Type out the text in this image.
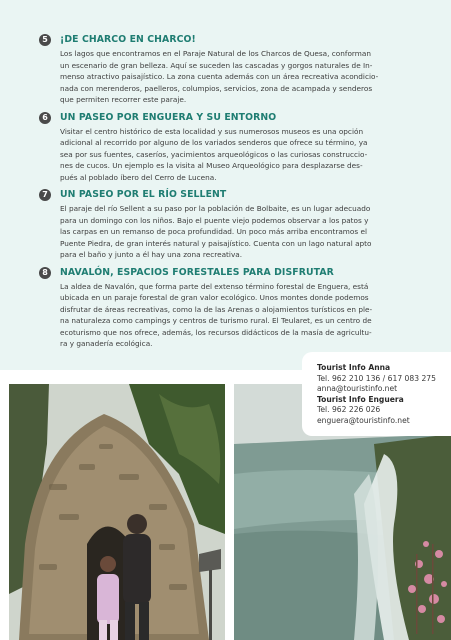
5	¡DE CHARCO EN CHARCO!
Los lagos que encontramos en el Paraje Natural de los Charcos de Quesa, conforman
un escenario de gran belleza. Aquí se suceden las cascadas y gorgos naturales de In-
menso atractivo paisajístico. La zona cuenta además con un área recreativa acondicio-
nada con merenderos, paelleros, columpios, servicios, zona de acampada y senderos
que permiten recorrer este paraje.
6	UN PASEO POR ENGUERA Y SU ENTORNO
Visitar el centro histórico de esta localidad y sus numerosos museos es una opción
adicional al recorrido por alguno de los variados senderos que ofrece su término, ya
sea por sus fuentes, caseríos, yacimientos arqueológicos o las curiosas construccio-
nes de cucos. Un ejemplo es la visita al Museo Arqueológico para desplazarse des-
pués al poblado íbero del Cerro de Lucena.
7	UN PASEO POR EL RÍO SELLENT
El paraje del río Sellent a su paso por la población de Bolbaite, es un lugar adecuado
para un domingo con los niños. Bajo el puente viejo podemos observar a los patos y
las carpas en un remanso de poca profundidad. Un poco más arriba encontramos el
Puente Piedra, de gran interés natural y paisajístico. Cuenta con un lago natural apto
para el baño y junto a él hay una zona recreativa.
8	NAVALÓN, ESPACIOS FORESTALES PARA DISFRUTAR
La aldea de Navalón, que forma parte del extenso término forestal de Enguera, está
ubicada en un paraje forestal de gran valor ecológico. Unos montes donde podemos
disfrutar de áreas recreativas, como la de las Arenas o alojamientos turísticos en ple-
na naturaleza como campings y centros de turismo rural. El Teularet, es un centro de
ecoturismo que nos ofrece, además, los recursos didácticos de la masía de agricultu-
ra y ganadería ecológica.
Tourist Info Anna
Tel. 962 210 136 / 617 083 275
anna@touristinfo.net
Tourist Info Enguera
Tel. 962 226 026
enguera@touristinfo.net
